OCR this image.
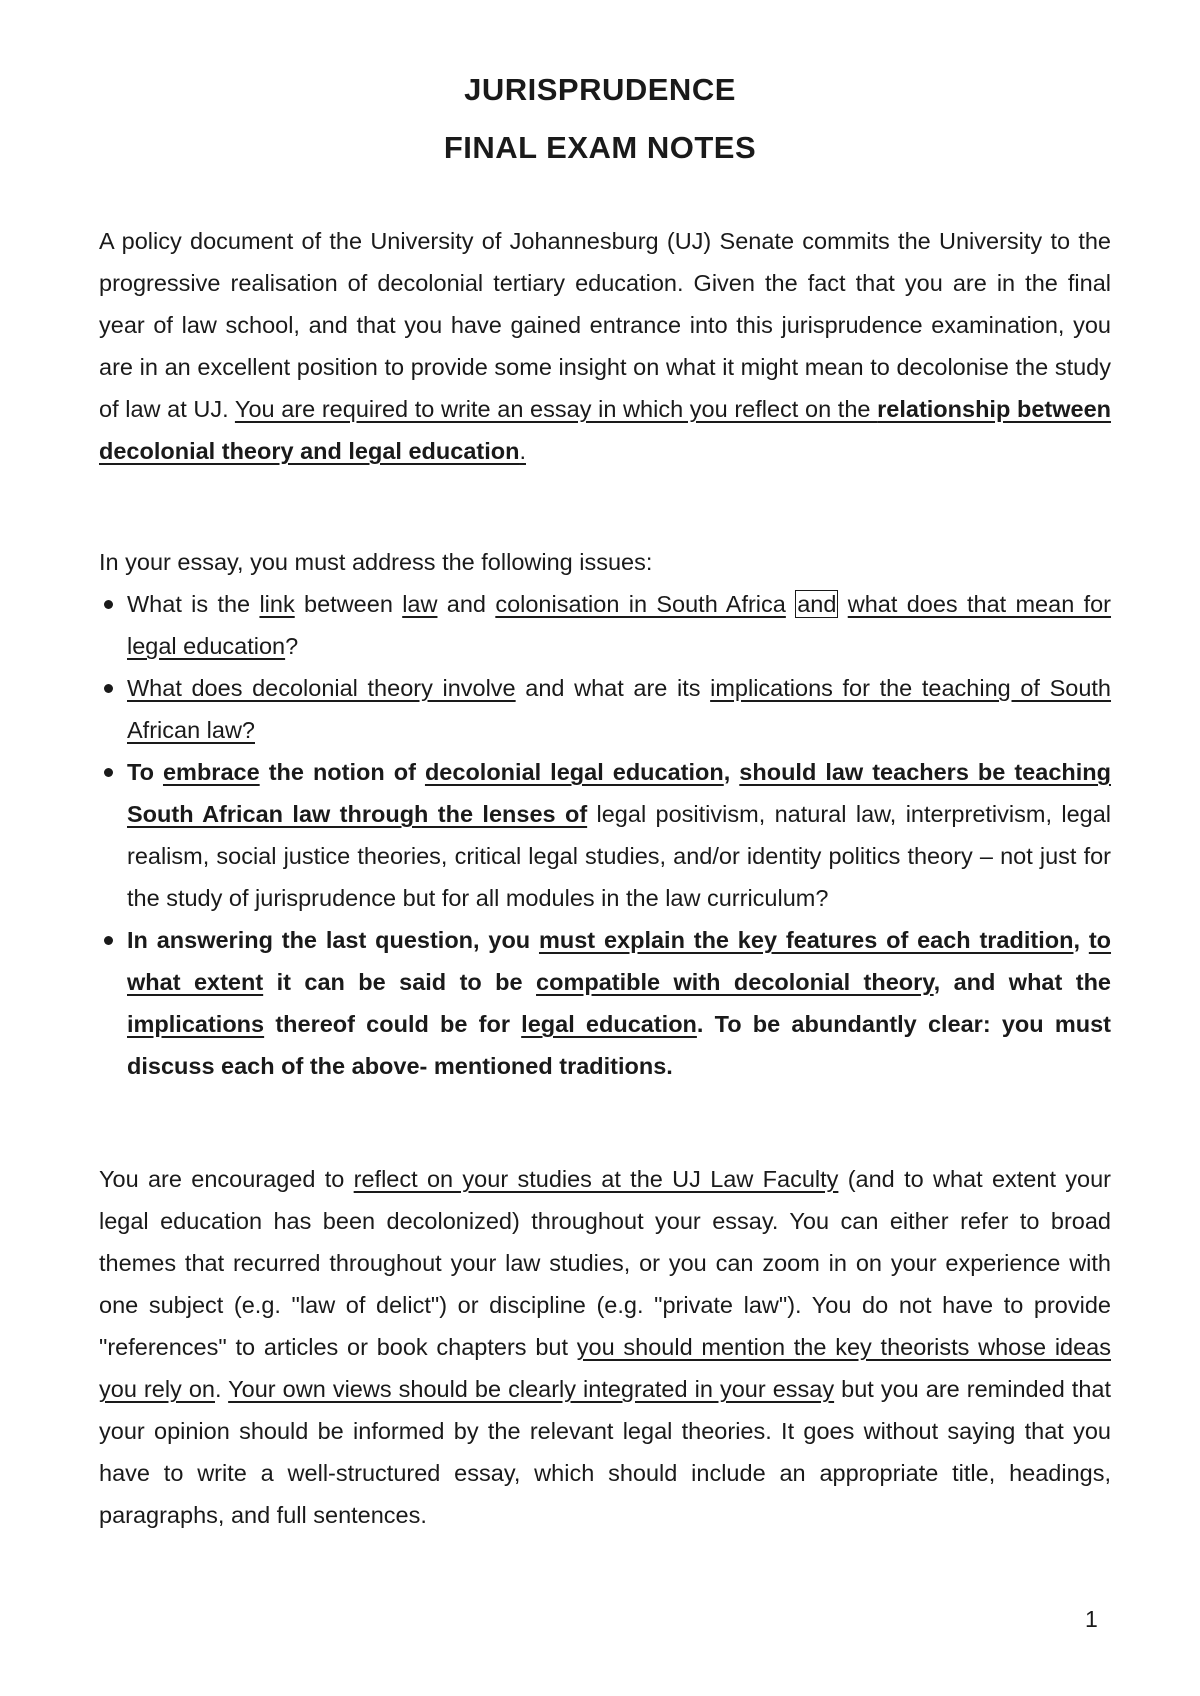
JURISPRUDENCE
FINAL EXAM NOTES

A policy document of the University of Johannesburg (UJ) Senate commits the University to the progressive realisation of decolonial tertiary education. Given the fact that you are in the final year of law school, and that you have gained entrance into this jurisprudence examination, you are in an excellent position to provide some insight on what it might mean to decolonise the study of law at UJ. You are required to write an essay in which you reflect on the relationship between decolonial theory and legal education.

In your essay, you must address the following issues:

What is the link between law and colonisation in South Africa and what does that mean for legal education?
What does decolonial theory involve and what are its implications for the teaching of South African law?
To embrace the notion of decolonial legal education, should law teachers be teaching South African law through the lenses of legal positivism, natural law, interpretivism, legal realism, social justice theories, critical legal studies, and/or identity politics theory – not just for the study of jurisprudence but for all modules in the law curriculum?
In answering the last question, you must explain the key features of each tradition, to what extent it can be said to be compatible with decolonial theory, and what the implications thereof could be for legal education. To be abundantly clear: you must discuss each of the above- mentioned traditions.

You are encouraged to reflect on your studies at the UJ Law Faculty (and to what extent your legal education has been decolonized) throughout your essay. You can either refer to broad themes that recurred throughout your law studies, or you can zoom in on your experience with one subject (e.g. "law of delict") or discipline (e.g. "private law"). You do not have to provide "references" to articles or book chapters but you should mention the key theorists whose ideas you rely on. Your own views should be clearly integrated in your essay but you are reminded that your opinion should be informed by the relevant legal theories. It goes without saying that you have to write a well-structured essay, which should include an appropriate title, headings, paragraphs, and full sentences.

1
